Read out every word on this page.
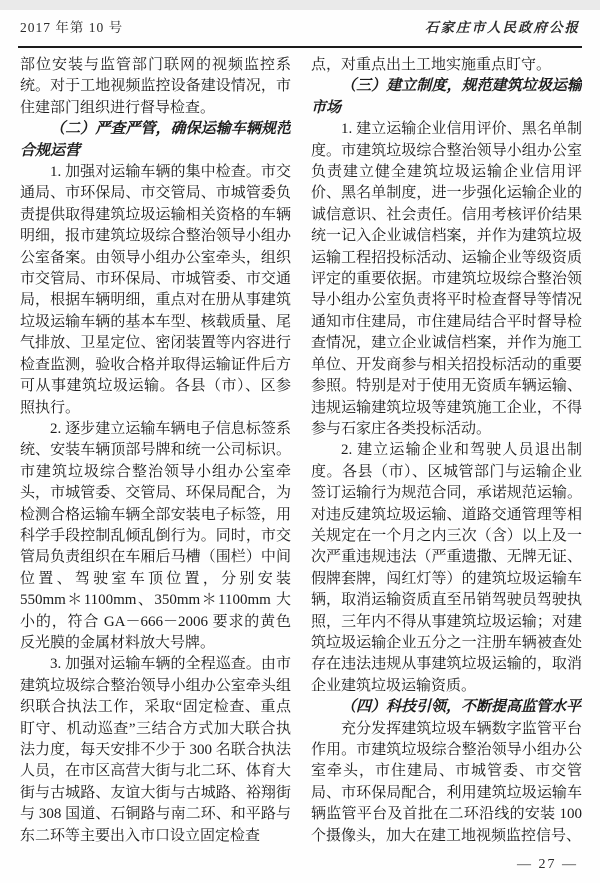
2017 年第 10 号	石家庄市人民政府公报

部位安装与监管部门联网的视频监控系统。对于工地视频监控设备建设情况，市住建部门组织进行督导检查。

（二）严查严管，确保运输车辆规范合规运营

1. 加强对运输车辆的集中检查。市交通局、市环保局、市交管局、市城管委负责提供取得建筑垃圾运输相关资格的车辆明细，报市建筑垃圾综合整治领导小组办公室备案。由领导小组办公室牵头，组织市交管局、市环保局、市城管委、市交通局，根据车辆明细，重点对在册从事建筑垃圾运输车辆的基本车型、核载质量、尾气排放、卫星定位、密闭装置等内容进行检查监测，验收合格并取得运输证件后方可从事建筑垃圾运输。各县（市）、区参照执行。

2. 逐步建立运输车辆电子信息标签系统、安装车辆顶部号牌和统一公司标识。市建筑垃圾综合整治领导小组办公室牵头，市城管委、交管局、环保局配合，为检测合格运输车辆全部安装电子标签，用科学手段控制乱倾乱倒行为。同时，市交管局负责组织在车厢后马槽（围栏）中间位置、驾驶室车顶位置，分别安装 550mm＊1100mm、350mm＊1100mm 大小的，符合 GA－666－2006 要求的黄色反光膜的金属材料放大号牌。

3. 加强对运输车辆的全程巡查。由市建筑垃圾综合整治领导小组办公室牵头组织联合执法工作，采取“固定检查、重点盯守、机动巡查”三结合方式加大联合执法力度，每天安排不少于 300 名联合执法人员，在市区高营大街与北二环、体育大街与古城路、友谊大街与古城路、裕翔街与 308 国道、石铜路与南二环、和平路与东二环等主要出入市口设立固定检查

点，对重点出土工地实施重点盯守。

（三）建立制度，规范建筑垃圾运输市场

1. 建立运输企业信用评价、黑名单制度。市建筑垃圾综合整治领导小组办公室负责建立健全建筑垃圾运输企业信用评价、黑名单制度，进一步强化运输企业的诚信意识、社会责任。信用考核评价结果统一记入企业诚信档案，并作为建筑垃圾运输工程招投标活动、运输企业等级资质评定的重要依据。市建筑垃圾综合整治领导小组办公室负责将平时检查督导等情况通知市住建局，市住建局结合平时督导检查情况，建立企业诚信档案，并作为施工单位、开发商参与相关招投标活动的重要参照。特别是对于使用无资质车辆运输、违规运输建筑垃圾等建筑施工企业，不得参与石家庄各类投标活动。

2. 建立运输企业和驾驶人员退出制度。各县（市）、区城管部门与运输企业签订运输行为规范合同，承诺规范运输。对违反建筑垃圾运输、道路交通管理等相关规定在一个月之内三次（含）以上及一次严重违规违法（严重遗撒、无牌无证、假牌套牌，闯红灯等）的建筑垃圾运输车辆，取消运输资质直至吊销驾驶员驾驶执照，三年内不得从事建筑垃圾运输；对建筑垃圾运输企业五分之一注册车辆被查处存在违法违规从事建筑垃圾运输的，取消企业建筑垃圾运输资质。

（四）科技引领，不断提高监管水平

充分发挥建筑垃圾车辆数字监管平台作用。市建筑垃圾综合整治领导小组办公室牵头，市住建局、市城管委、市交管局、市环保局配合，利用建筑垃圾运输车辆监管平台及首批在二环沿线的安装 100 个摄像头，加大在建工地视频监控信号、

— 27 —
